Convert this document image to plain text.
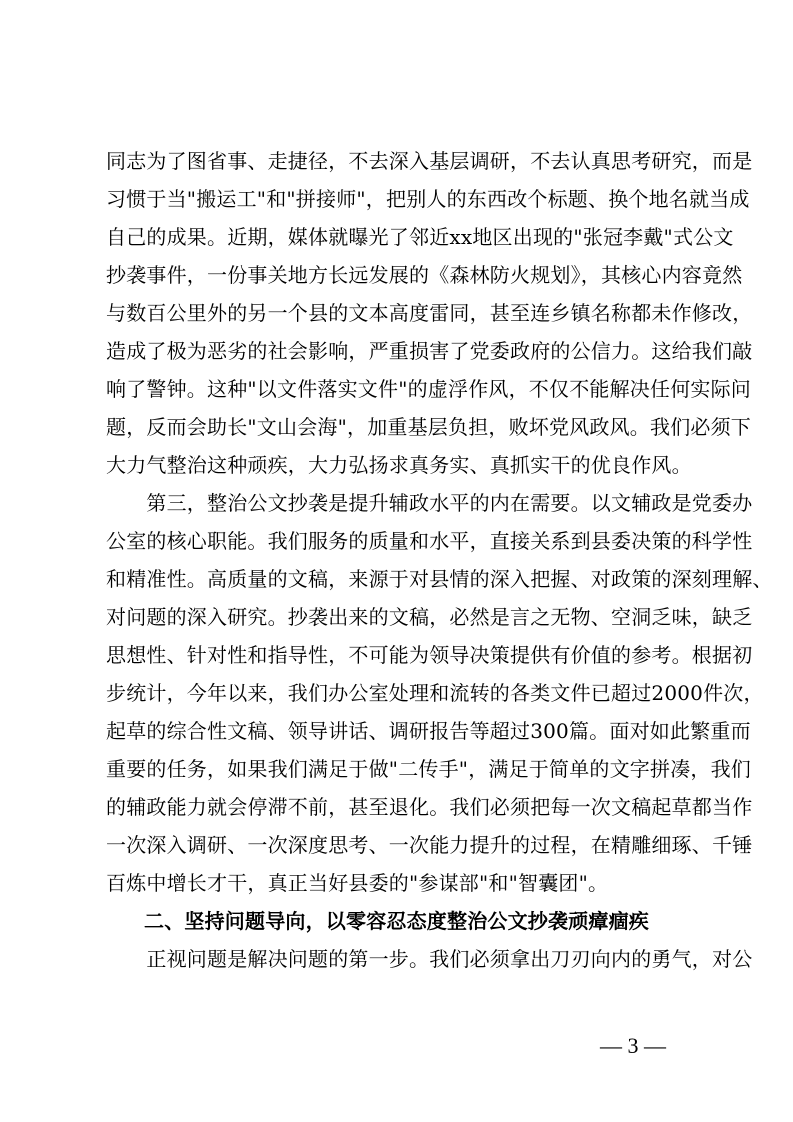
同志为了图省事、走捷径，不去深入基层调研，不去认真思考研究，而是
习惯于当"搬运工"和"拼接师"，把别人的东西改个标题、换个地名就当成
自己的成果。近期，媒体就曝光了邻近xx地区出现的"张冠李戴"式公文
抄袭事件，一份事关地方长远发展的《森林防火规划》，其核心内容竟然
与数百公里外的另一个县的文本高度雷同，甚至连乡镇名称都未作修改，
造成了极为恶劣的社会影响，严重损害了党委政府的公信力。这给我们敲
响了警钟。这种"以文件落实文件"的虚浮作风，不仅不能解决任何实际问
题，反而会助长"文山会海"，加重基层负担，败坏党风政风。我们必须下
大力气整治这种顽疾，大力弘扬求真务实、真抓实干的优良作风。
　　第三，整治公文抄袭是提升辅政水平的内在需要。以文辅政是党委办
公室的核心职能。我们服务的质量和水平，直接关系到县委决策的科学性
和精准性。高质量的文稿，来源于对县情的深入把握、对政策的深刻理解、
对问题的深入研究。抄袭出来的文稿，必然是言之无物、空洞乏味，缺乏
思想性、针对性和指导性，不可能为领导决策提供有价值的参考。根据初
步统计，今年以来，我们办公室处理和流转的各类文件已超过2000件次，
起草的综合性文稿、领导讲话、调研报告等超过300篇。面对如此繁重而
重要的任务，如果我们满足于做"二传手"，满足于简单的文字拼凑，我们
的辅政能力就会停滞不前，甚至退化。我们必须把每一次文稿起草都当作
一次深入调研、一次深度思考、一次能力提升的过程，在精雕细琢、千锤
百炼中增长才干，真正当好县委的"参谋部"和"智囊团"。
二、坚持问题导向，以零容忍态度整治公文抄袭顽瘴痼疾
　　正视问题是解决问题的第一步。我们必须拿出刀刃向内的勇气，对公
— 3 —
